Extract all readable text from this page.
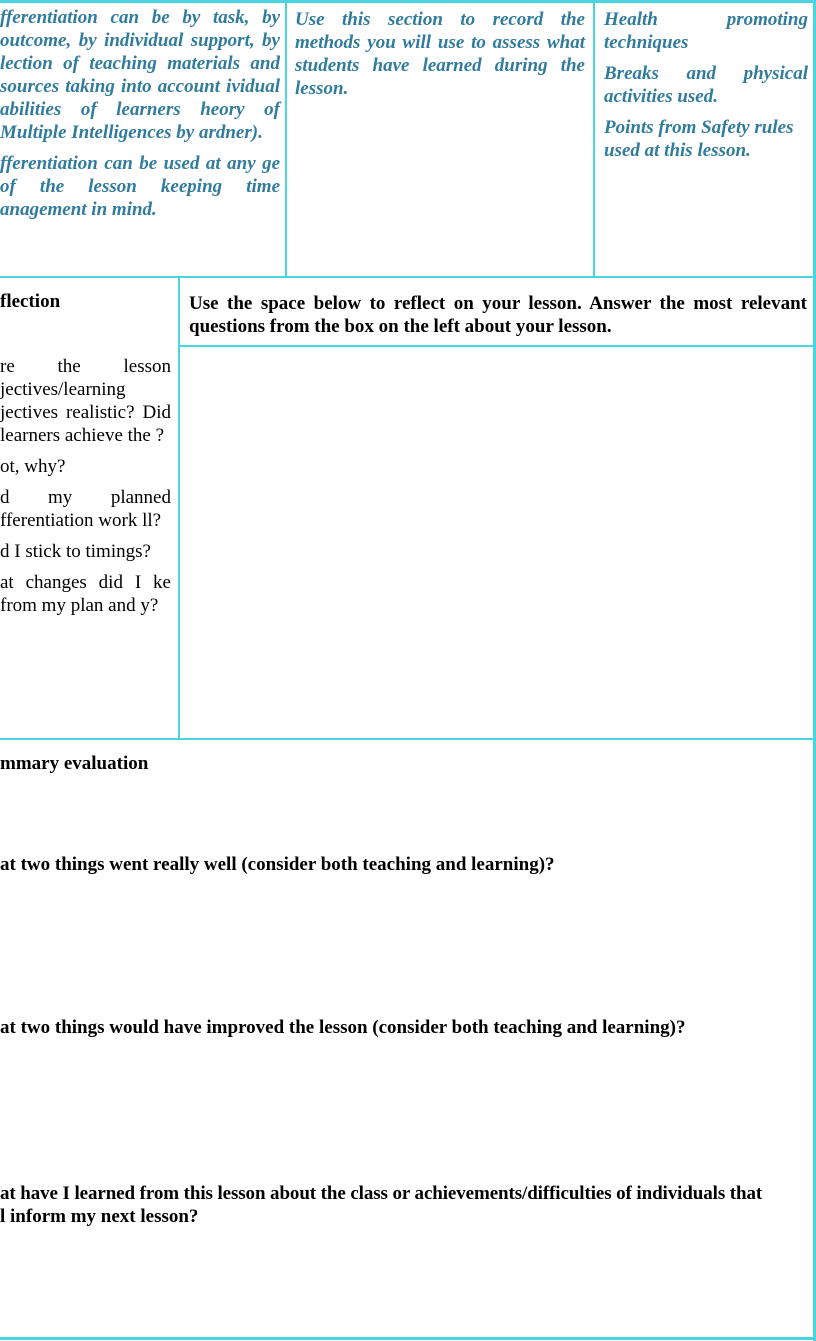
fferentiation can be by task, by outcome, by individual support, by lection of teaching materials and sources taking into account ividual abilities of learners heory of Multiple Intelligences by ardner).

fferentiation can be used at any ge of the lesson keeping time anagement in mind.

Use this section to record the methods you will use to assess what students have learned during the lesson.

Health promoting techniques

Breaks and physical activities used.

Points from Safety rules used at this lesson.

flection	Use the space below to reflect on your lesson. Answer the most relevant questions from the box on the left about your lesson.

re the lesson jectives/learning jectives realistic? Did learners achieve the ?

ot, why?

d my planned fferentiation work ll?

d I stick to timings?

at changes did I ke from my plan and y?

mmary evaluation
at two things went really well (consider both teaching and learning)?
at two things would have improved the lesson (consider both teaching and learning)?
at have I learned from this lesson about the class or achievements/difficulties of individuals that
l inform my next lesson?
